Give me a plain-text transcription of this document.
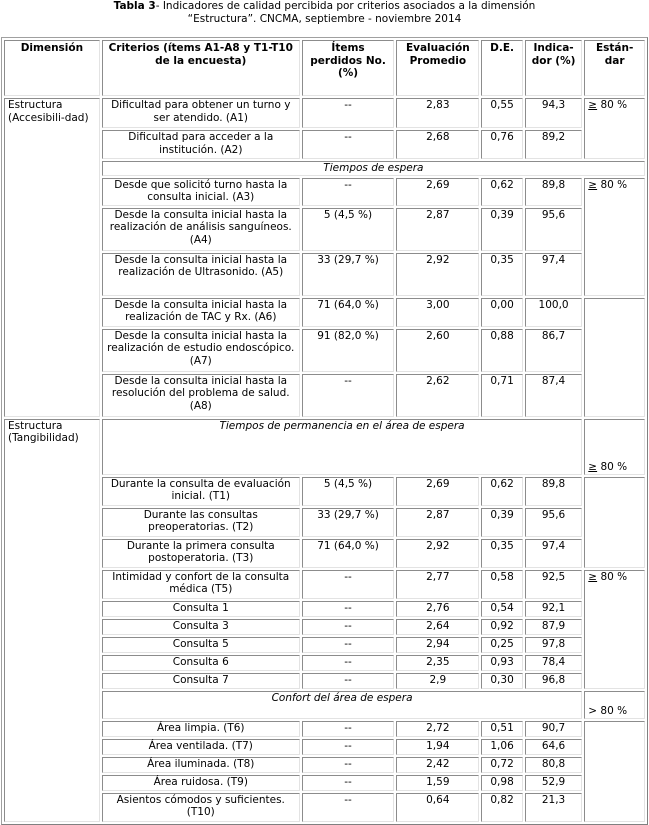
Tabla 3- Indicadores de calidad percibida por criterios asociados a la dimensión
“Estructura”. CNCMA, septiembre - noviembre 2014
Dimensión	Criterios (ítems A1-A8 y T1-T10 de la encuesta)	Ítems perdidos No. (%)	Evaluación Promedio	D.E.	Indica-dor (%)	Están-dar
Estructura (Accesibili-dad)	Dificultad para obtener un turno y ser atendido. (A1)	--	2,83	0,55	94,3	≥ 80 %
	Dificultad para acceder a la institución. (A2)	--	2,68	0,76	89,2	
	Tiempos de espera					
	Desde que solicitó turno hasta la consulta inicial. (A3)	--	2,69	0,62	89,8	≥ 80 %
	Desde la consulta inicial hasta la realización de análisis sanguíneos. (A4)	5 (4,5 %)	2,87	0,39	95,6	
	Desde la consulta inicial hasta la realización de Ultrasonido. (A5)	33 (29,7 %)	2,92	0,35	97,4	
	Desde la consulta inicial hasta la realización de TAC y Rx. (A6)	71 (64,0 %)	3,00	0,00	100,0	
	Desde la consulta inicial hasta la realización de estudio endoscópico. (A7)	91 (82,0 %)	2,60	0,88	86,7	
	Desde la consulta inicial hasta la resolución del problema de salud. (A8)	--	2,62	0,71	87,4	
Estructura (Tangibilidad)	Tiempos de permanencia en el área de espera					≥ 80 %
	Durante la consulta de evaluación inicial. (T1)	5 (4,5 %)	2,69	0,62	89,8	
	Durante las consultas preoperatorias. (T2)	33 (29,7 %)	2,87	0,39	95,6	
	Durante la primera consulta postoperatoria. (T3)	71 (64,0 %)	2,92	0,35	97,4	
	Intimidad y confort de la consulta médica (T5)	--	2,77	0,58	92,5	≥ 80 %
	Consulta 1	--	2,76	0,54	92,1	
	Consulta 3	--	2,64	0,92	87,9	
	Consulta 5	--	2,94	0,25	97,8	
	Consulta 6	--	2,35	0,93	78,4	
	Consulta 7	--	2,9	0,30	96,8	
	Confort del área de espera					> 80 %
	Área limpia. (T6)	--	2,72	0,51	90,7	
	Área ventilada. (T7)	--	1,94	1,06	64,6	
	Área iluminada. (T8)	--	2,42	0,72	80,8	
	Área ruidosa. (T9)	--	1,59	0,98	52,9	
	Asientos cómodos y suficientes. (T10)	--	0,64	0,82	21,3	
